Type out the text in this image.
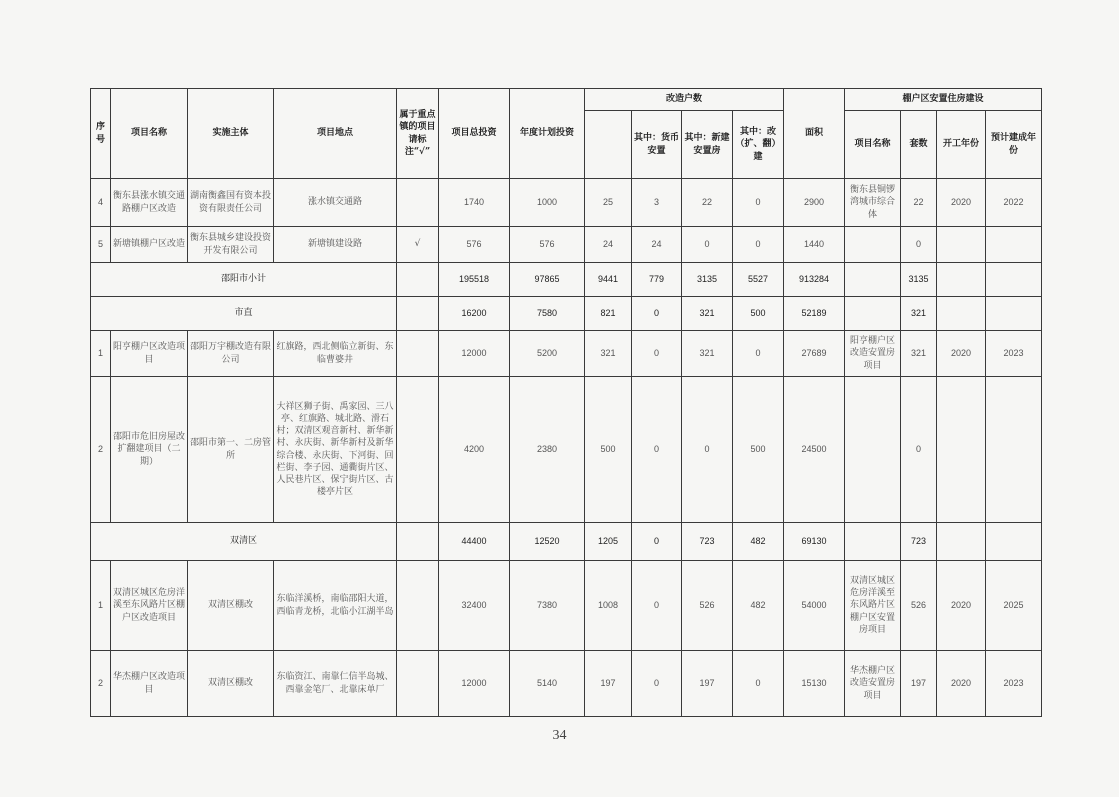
序号	项目名称	实施主体	项目地点	属于重点镇的项目请标注“√”	项目总投资	年度计划投资	改造户数				面积	棚户区安置住房建设			
								其中：货币安置	其中：新建安置房	其中：改（扩、翻）建		项目名称	套数	开工年份	预计建成年份
4	衡东县涨水镇交通路棚户区改造	湖南衡鑫国有资本投资有限责任公司	涨水镇交通路		1740	1000	25	3	22	0	2900	衡东县铜锣湾城市综合体	22	2020	2022
5	新塘镇棚户区改造	衡东县城乡建设投资开发有限公司	新塘镇建设路	√	576	576	24	24	0	0	1440		0		
邵阳市小计					195518	97865	9441	779	3135	5527	913284		3135		
市直					16200	7580	821	0	321	500	52189		321		
1	阳亨棚户区改造项目	邵阳万宇棚改造有限公司	红旗路，西北侧临立新街、东临曹婆井		12000	5200	321	0	321	0	27689	阳亨棚户区改造安置房项目	321	2020	2023
2	邵阳市危旧房屋改扩翻建项目（二期）	邵阳市第一、二房管所	大祥区狮子街、禹家园、三八亭、红旗路、城北路、滑石村；双清区观音新村、新华新村、永庆街、新华新村及新华综合楼、永庆街、下河街、回栏街、李子园、通衢街片区、人民巷片区、保宁街片区、古楼亭片区		4200	2380	500	0	0	500	24500		0		
双清区					44400	12520	1205	0	723	482	69130		723		
1	双清区城区危房洋溪至东风路片区棚户区改造项目	双清区棚改	东临洋溪桥，南临邵阳大道，西临青龙桥，北临小江湖半岛		32400	7380	1008	0	526	482	54000	双清区城区危房洋溪至东风路片区棚户区安置房项目	526	2020	2025
2	华杰棚户区改造项目	双清区棚改	东临资江、南靠仁信半岛城、西靠金笔厂、北靠床单厂		12000	5140	197	0	197	0	15130	华杰棚户区改造安置房项目	197	2020	2023
34
